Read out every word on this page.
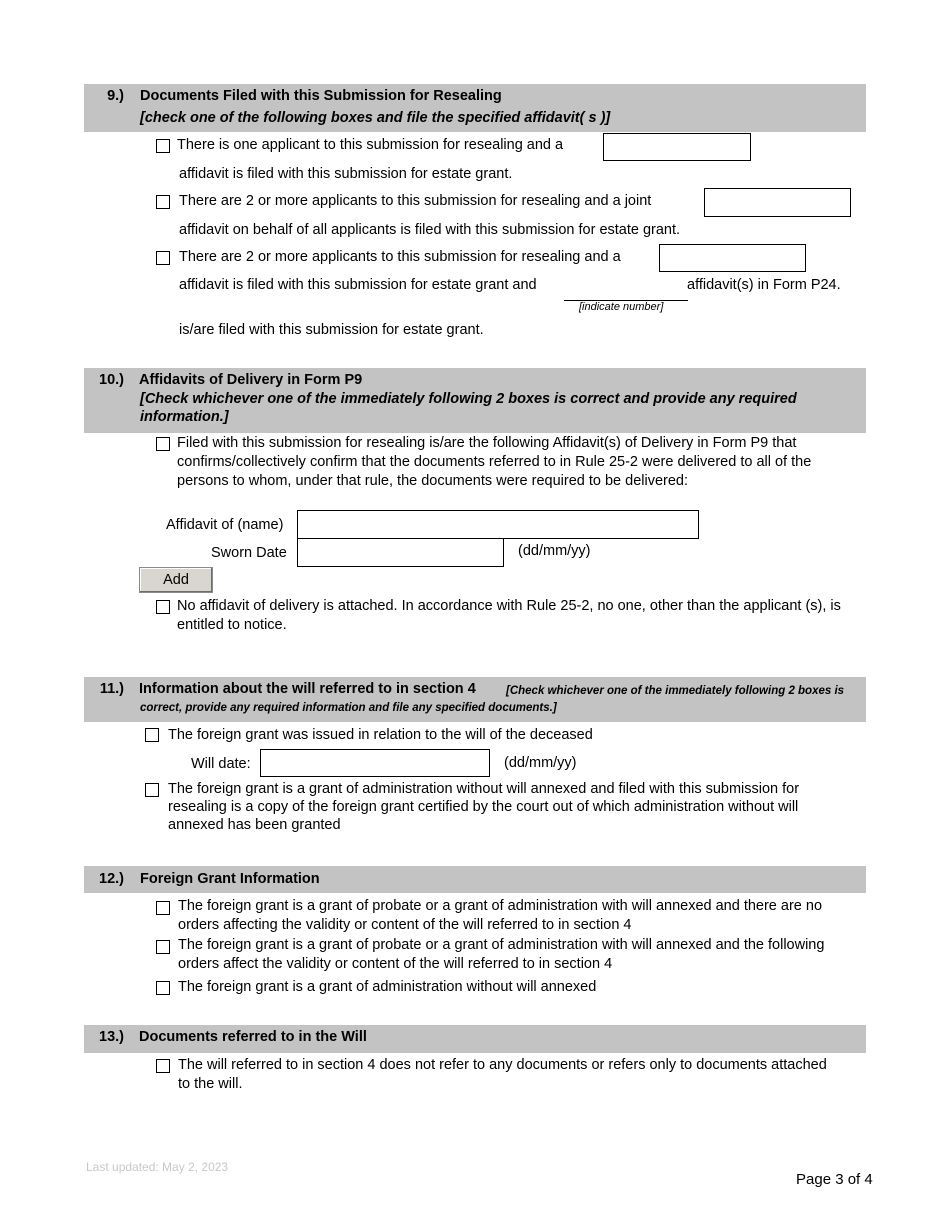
9.) Documents Filed with this Submission for Resealing
[check one of the following boxes and file the specified affidavit( s )]
There is one applicant to this submission for resealing and a
affidavit is filed with this submission for estate grant.
There are 2 or more applicants to this submission for resealing and a joint
affidavit on behalf of all applicants is filed with this submission for estate grant.
There are 2 or more applicants to this submission for resealing and a
affidavit is filed with this submission for estate grant and	affidavit(s) in Form P24.
[indicate number]
is/are filed with this submission for estate grant.
10.) Affidavits of Delivery in Form P9
[Check whichever one of the immediately following 2 boxes is correct and provide any required information.]
Filed with this submission for resealing is/are the following Affidavit(s) of Delivery in Form P9 that confirms/collectively confirm that the documents referred to in Rule 25-2 were delivered to all of the persons to whom, under that rule, the documents were required to be delivered:
Affidavit of (name)
Sworn Date	(dd/mm/yy)
Add
No affidavit of delivery is attached. In accordance with Rule 25-2, no one, other than the applicant (s), is entitled to notice.
11.) Information about the will referred to in section 4	[Check whichever one of the immediately following 2 boxes is correct, provide any required information and file any specified documents.]
The foreign grant was issued in relation to the will of the deceased
Will date:	(dd/mm/yy)
The foreign grant is a grant of administration without will annexed and filed with this submission for resealing is a copy of the foreign grant certified by the court out of which administration without will annexed has been granted
12.) Foreign Grant Information
The foreign grant is a grant of probate or a grant of administration with will annexed and there are no orders affecting the validity or content of the will referred to in section 4
The foreign grant is a grant of probate or a grant of administration with will annexed and the following orders affect the validity or content of the will referred to in section 4
The foreign grant is a grant of administration without will annexed
13.) Documents referred to in the Will
The will referred to in section 4 does not refer to any documents or refers only to documents attached to the will.
Last updated: May 2, 2023
Page 3 of 4
